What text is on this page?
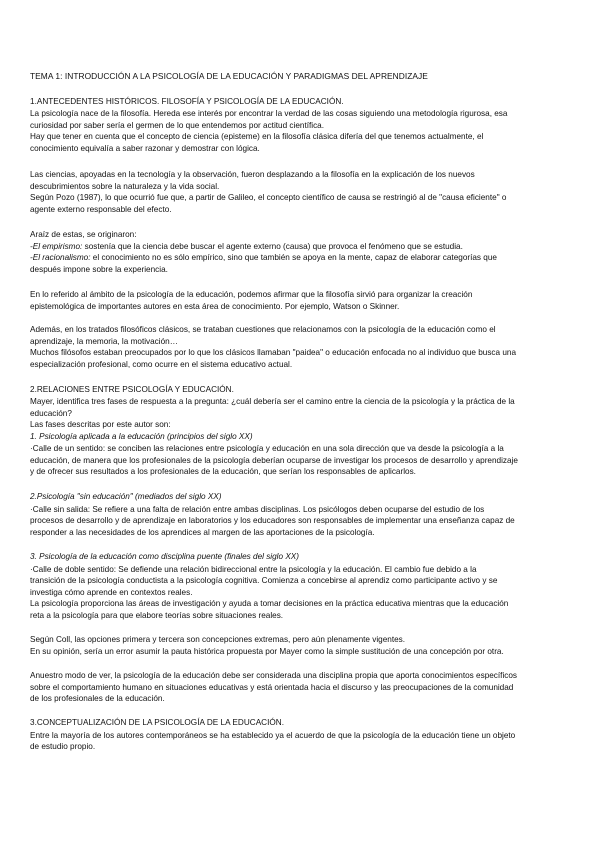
TEMA 1: INTRODUCCIÓN A LA PSICOLOGÍA DE LA EDUCACIÓN Y PARADIGMAS DEL APRENDIZAJE
1.ANTECEDENTES HISTÓRICOS. FILOSOFÍA Y PSICOLOGÍA DE LA EDUCACIÓN.
La psicología nace de la filosofía. Hereda ese interés por encontrar la verdad de las cosas siguiendo una metodología rigurosa, esa
curiosidad por saber sería el germen de lo que entendemos por actitud científica.
Hay que tener en cuenta que el concepto de ciencia (episteme) en la filosofía clásica difería del que tenemos actualmente, el
conocimiento equivalía a saber razonar y demostrar con lógica.
Las ciencias, apoyadas en la tecnología y la observación, fueron desplazando a la filosofía en la explicación de los nuevos
descubrimientos sobre la naturaleza y la vida social.
Según Pozo (1987), lo que ocurrió fue que, a partir de Galileo, el concepto científico de causa se restringió al de "causa eficiente" o
agente externo responsable del efecto.
Araíz de estas, se originaron:
-El empirismo: sostenía que la ciencia debe buscar el agente externo (causa) que provoca el fenómeno que se estudia.
-El racionalismo: el conocimiento no es sólo empírico, sino que también se apoya en la mente, capaz de elaborar categorías que
después impone sobre la experiencia.
En lo referido al ámbito de la psicología de la educación, podemos afirmar que la filosofía sirvió para organizar la creación
epistemológica de importantes autores en esta área de conocimiento. Por ejemplo, Watson o Skinner.
Además, en los tratados filosóficos clásicos, se trataban cuestiones que relacionamos con la psicología de la educación como el
aprendizaje, la memoria, la motivación…
Muchos filósofos estaban preocupados por lo que los clásicos llamaban "paidea" o educación enfocada no al individuo que busca una
especialización profesional, como ocurre en el sistema educativo actual.
2.RELACIONES ENTRE PSICOLOGÍA Y EDUCACIÓN.
Mayer, identifica tres fases de respuesta a la pregunta: ¿cuál debería ser el camino entre la ciencia de la psicología y la práctica de la
educación?
Las fases descritas por este autor son:
1. Psicología aplicada a la educación (principios del siglo XX)
·Calle de un sentido: se conciben las relaciones entre psicología y educación en una sola dirección que va desde la psicología a la
educación, de manera que los profesionales de la psicología deberían ocuparse de investigar los procesos de desarrollo y aprendizaje
y de ofrecer sus resultados a los profesionales de la educación, que serían los responsables de aplicarlos.
2.Psicología "sin educación" (mediados del siglo XX)
·Calle sin salida: Se refiere a una falta de relación entre ambas disciplinas. Los psicólogos deben ocuparse del estudio de los
procesos de desarrollo y de aprendizaje en laboratorios y los educadores son responsables de implementar una enseñanza capaz de
responder a las necesidades de los aprendices al margen de las aportaciones de la psicología.
3. Psicología de la educación como disciplina puente (finales del siglo XX)
·Calle de doble sentido: Se defiende una relación bidireccional entre la psicología y la educación. El cambio fue debido a la
transición de la psicología conductista a la psicología cognitiva. Comienza a concebirse al aprendiz como participante activo y se
investiga cómo aprende en contextos reales.
La psicología proporciona las áreas de investigación y ayuda a tomar decisiones en la práctica educativa mientras que la educación
reta a la psicología para que elabore teorías sobre situaciones reales.
Según Coll, las opciones primera y tercera son concepciones extremas, pero aún plenamente vigentes.
En su opinión, sería un error asumir la pauta histórica propuesta por Mayer como la simple sustitución de una concepción por otra.
Anuestro modo de ver, la psicología de la educación debe ser considerada una disciplina propia que aporta conocimientos específicos
sobre el comportamiento humano en situaciones educativas y está orientada hacia el discurso y las preocupaciones de la comunidad
de los profesionales de la educación.
3.CONCEPTUALIZACIÓN DE LA PSICOLOGÍA DE LA EDUCACIÓN.
Entre la mayoría de los autores contemporáneos se ha establecido ya el acuerdo de que la psicología de la educación tiene un objeto
de estudio propio.
